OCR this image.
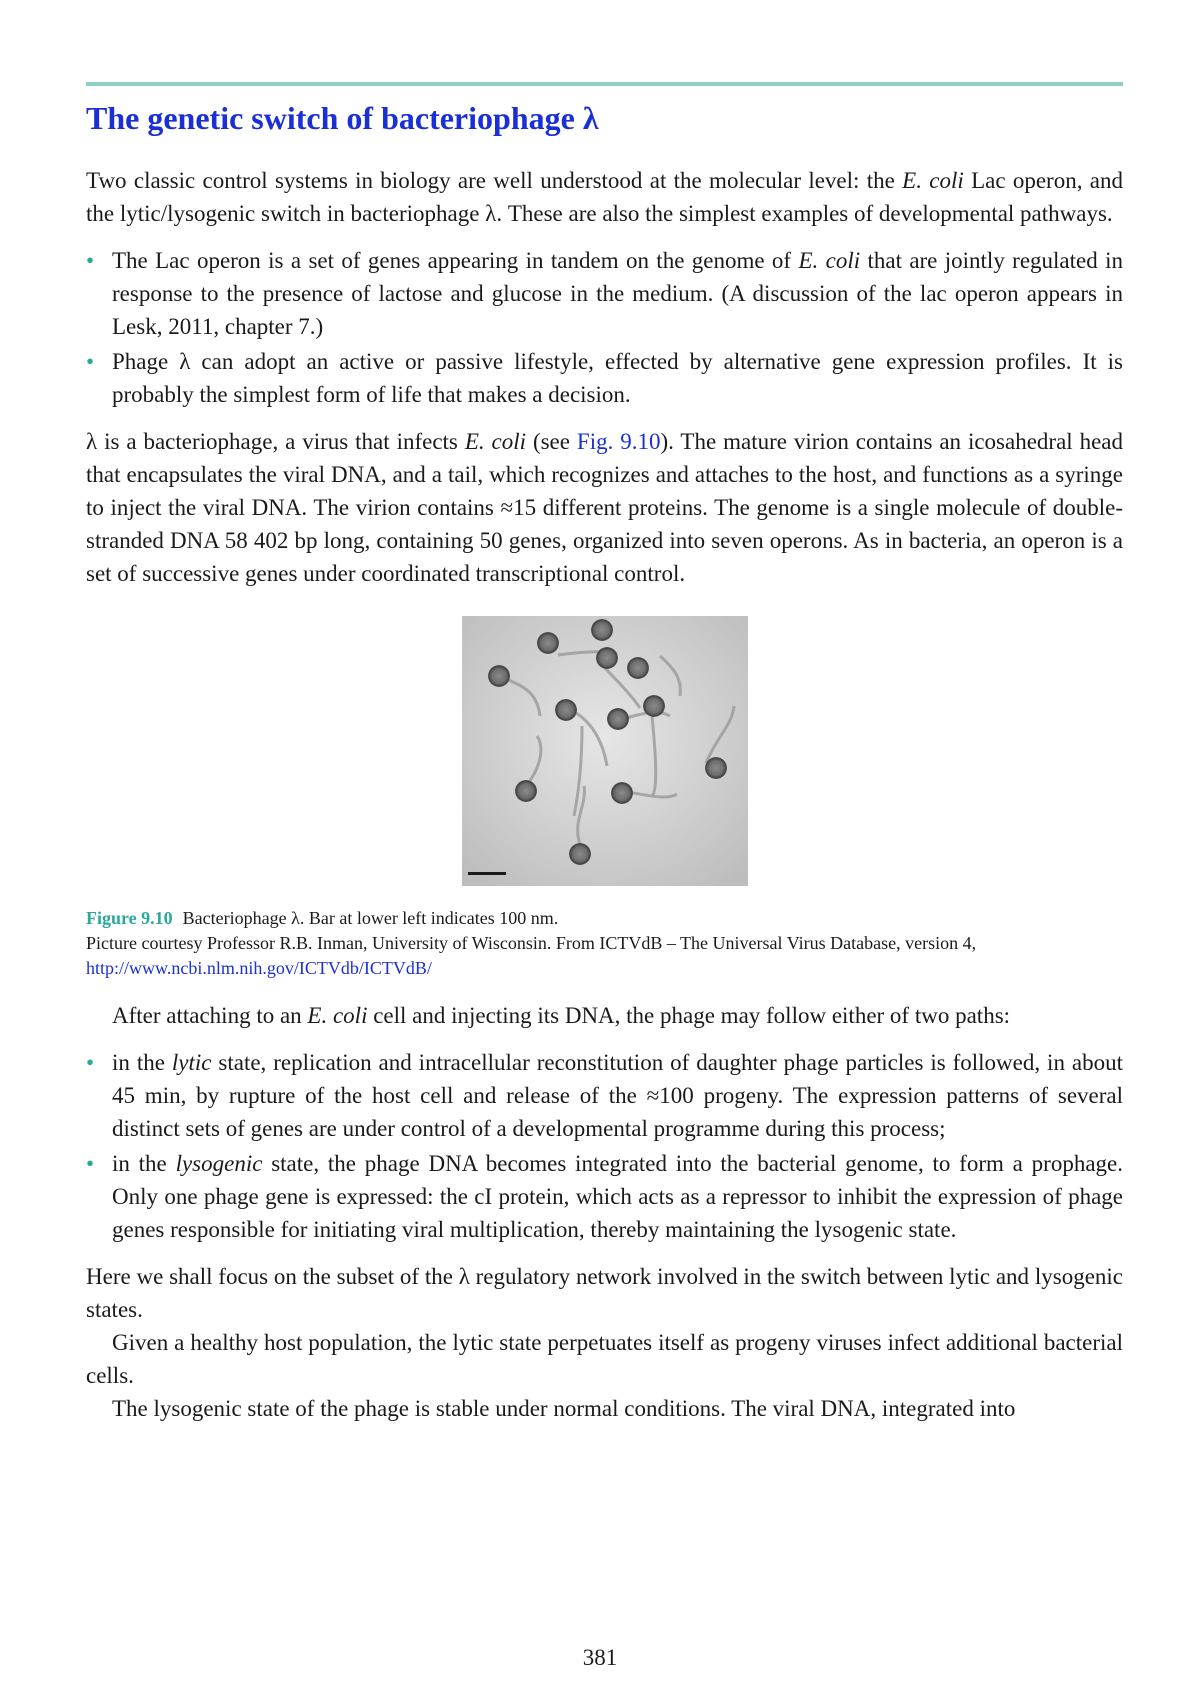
The genetic switch of bacteriophage λ

Two classic control systems in biology are well understood at the molecular level: the E. coli Lac operon, and the lytic/lysogenic switch in bacteriophage λ. These are also the simplest examples of developmental pathways.

• The Lac operon is a set of genes appearing in tandem on the genome of E. coli that are jointly regulated in response to the presence of lactose and glucose in the medium. (A discussion of the lac operon appears in Lesk, 2011, chapter 7.)
• Phage λ can adopt an active or passive lifestyle, effected by alternative gene expression profiles. It is probably the simplest form of life that makes a decision.

λ is a bacteriophage, a virus that infects E. coli (see Fig. 9.10). The mature virion contains an icosahedral head that encapsulates the viral DNA, and a tail, which recognizes and attaches to the host, and functions as a syringe to inject the viral DNA. The virion contains ≈15 different proteins. The genome is a single molecule of double-stranded DNA 58 402 bp long, containing 50 genes, organized into seven operons. As in bacteria, an operon is a set of successive genes under coordinated transcriptional control.

Figure 9.10 Bacteriophage λ. Bar at lower left indicates 100 nm.
Picture courtesy Professor R.B. Inman, University of Wisconsin. From ICTVdB – The Universal Virus Database, version 4, http://www.ncbi.nlm.nih.gov/ICTVdb/ICTVdB/

After attaching to an E. coli cell and injecting its DNA, the phage may follow either of two paths:

• in the lytic state, replication and intracellular reconstitution of daughter phage particles is followed, in about 45 min, by rupture of the host cell and release of the ≈100 progeny. The expression patterns of several distinct sets of genes are under control of a developmental programme during this process;
• in the lysogenic state, the phage DNA becomes integrated into the bacterial genome, to form a prophage. Only one phage gene is expressed: the cI protein, which acts as a repressor to inhibit the expression of phage genes responsible for initiating viral multiplication, thereby maintaining the lysogenic state.

Here we shall focus on the subset of the λ regulatory network involved in the switch between lytic and lysogenic states.

Given a healthy host population, the lytic state perpetuates itself as progeny viruses infect additional bacterial cells.

The lysogenic state of the phage is stable under normal conditions. The viral DNA, integrated into

381
